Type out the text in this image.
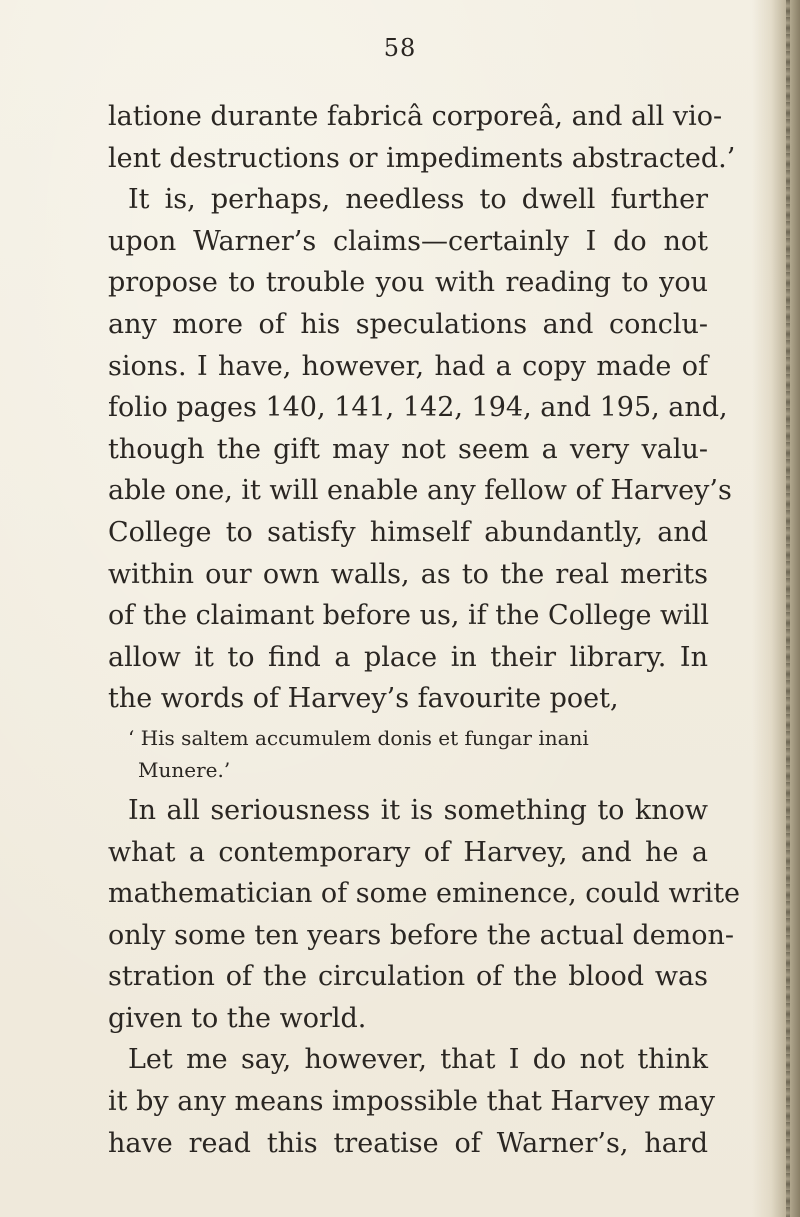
58
latione durante fabricâ corporeâ, and all vio-
lent destructions or impediments abstracted.’
It is, perhaps, needless to dwell further
upon Warner’s claims—certainly I do not
propose to trouble you with reading to you
any more of his speculations and conclu-
sions. I have, however, had a copy made of
folio pages 140, 141, 142, 194, and 195, and,
though the gift may not seem a very valu-
able one, it will enable any fellow of Harvey’s
College to satisfy himself abundantly, and
within our own walls, as to the real merits
of the claimant before us, if the College will
allow it to find a place in their library. In
the words of Harvey’s favourite poet,
‘ His saltem accumulem donis et fungar inani
Munere.’
In all seriousness it is something to know
what a contemporary of Harvey, and he a
mathematician of some eminence, could write
only some ten years before the actual demon-
stration of the circulation of the blood was
given to the world.
Let me say, however, that I do not think
it by any means impossible that Harvey may
have read this treatise of Warner’s, hard
